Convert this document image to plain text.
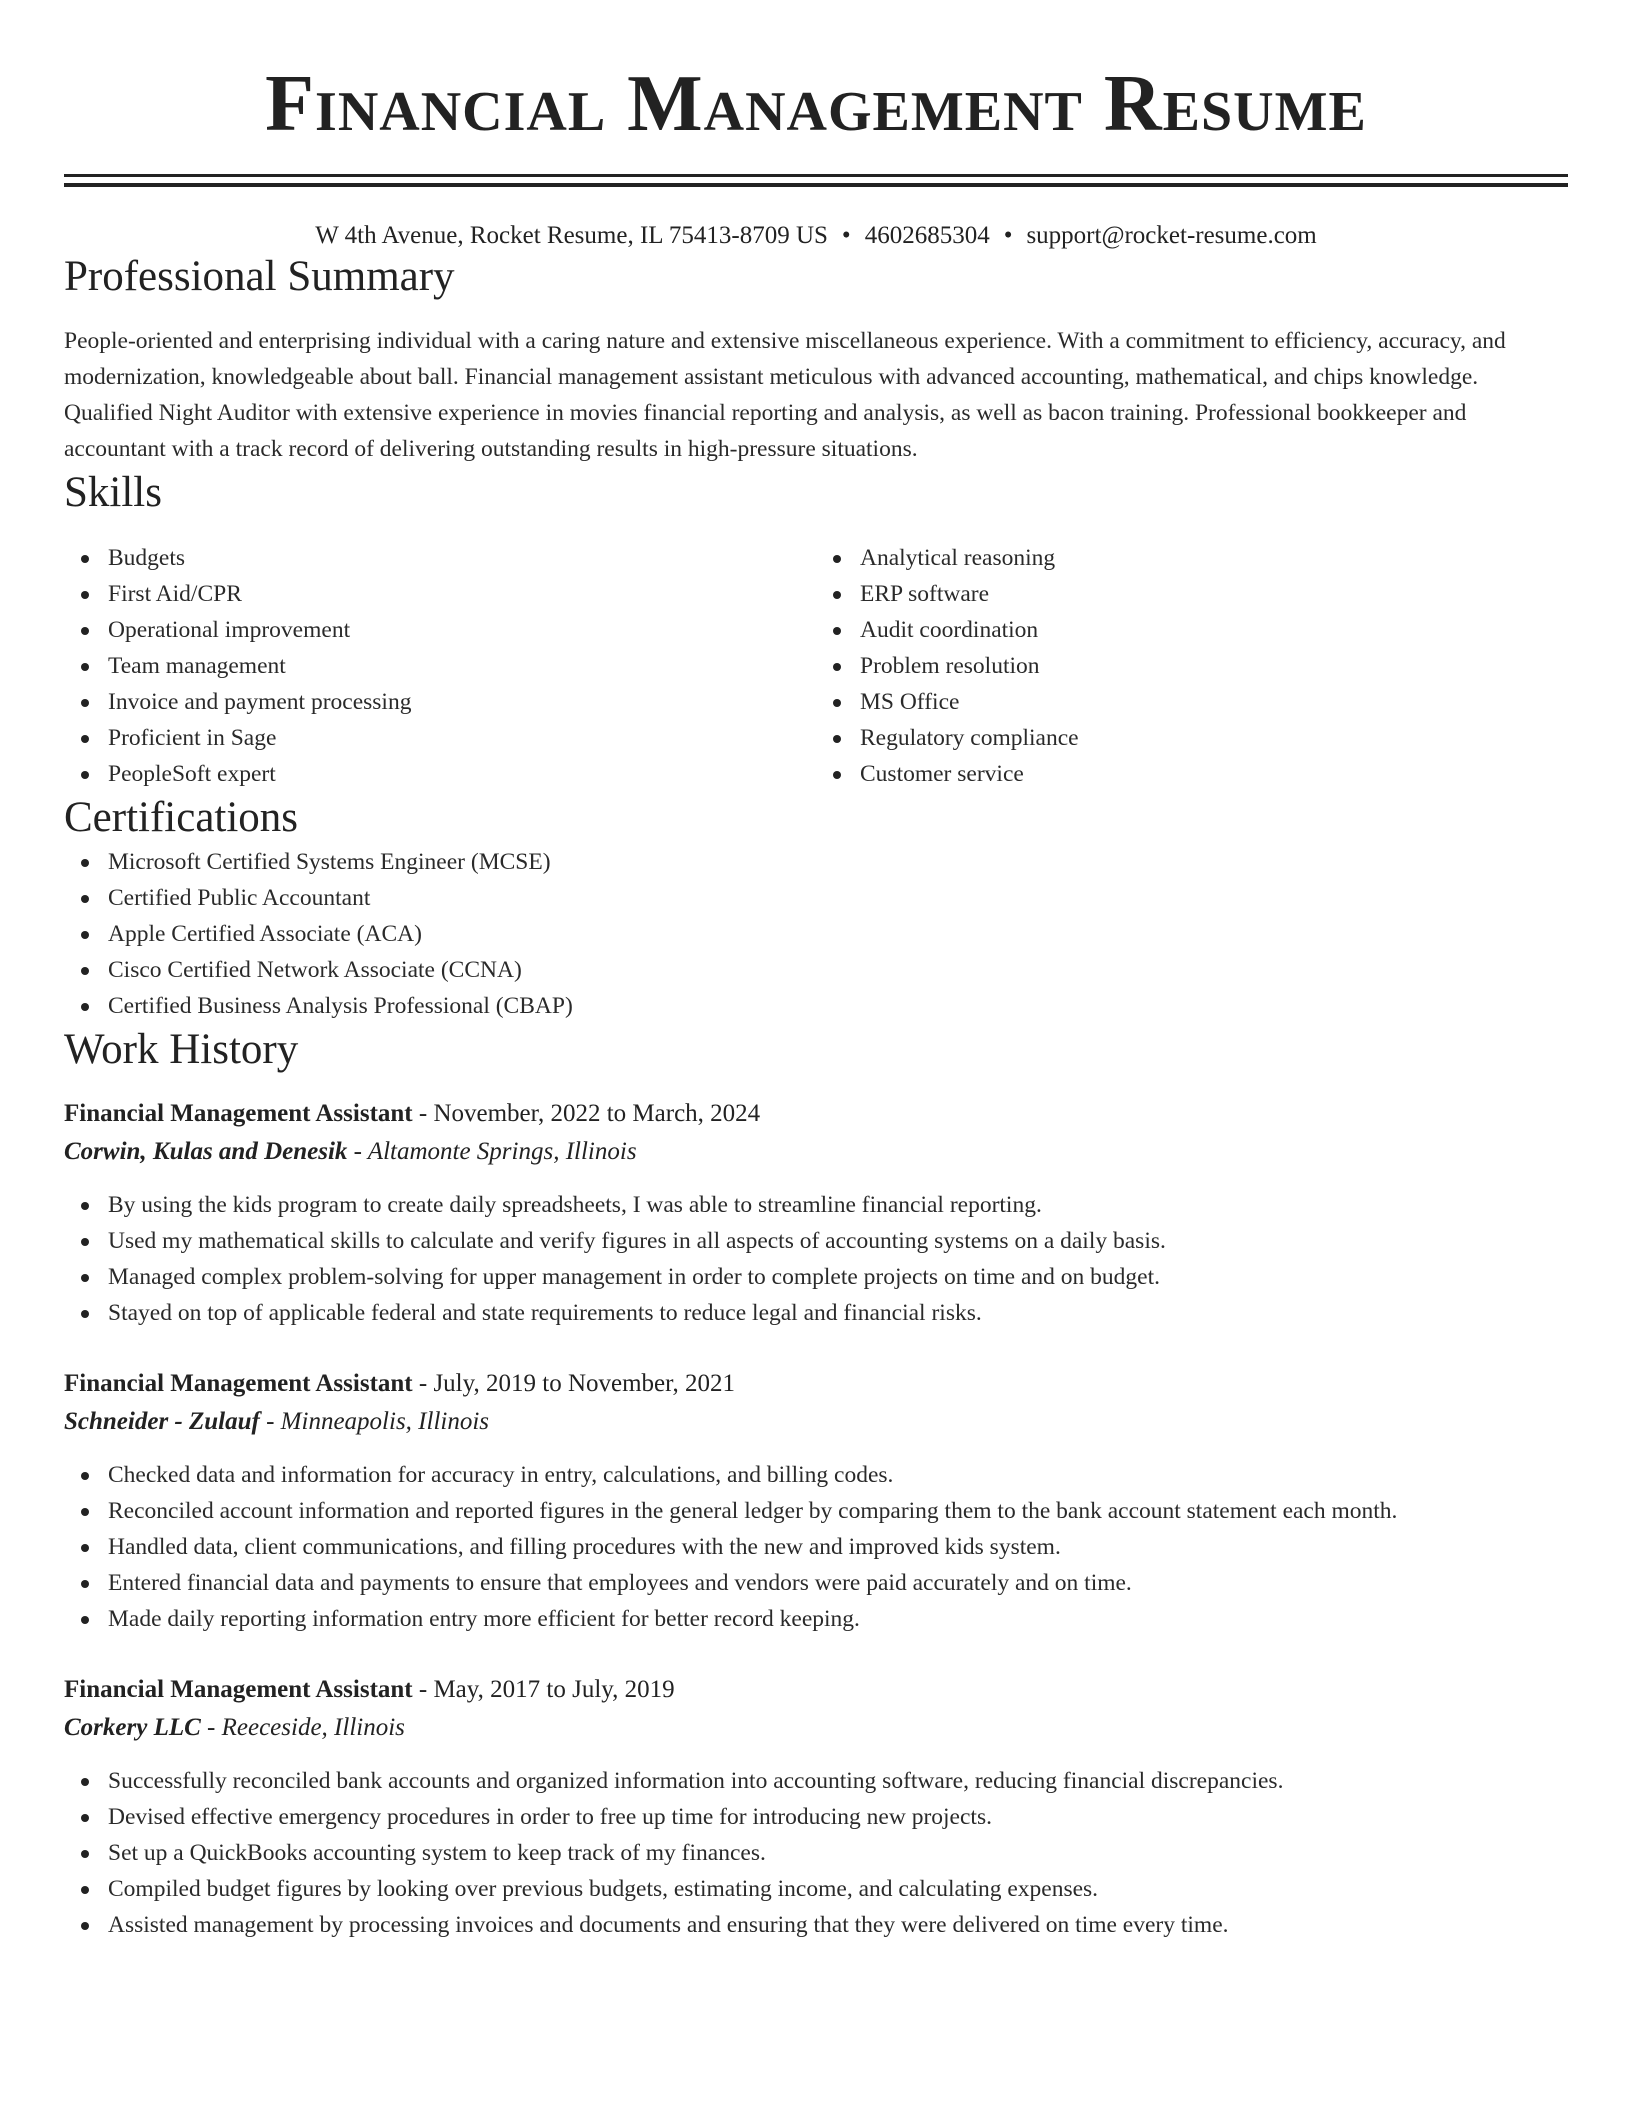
Financial Management Resume
W 4th Avenue, Rocket Resume, IL 75413-8709 US • 4602685304 • support@rocket-resume.com
Professional Summary

People-oriented and enterprising individual with a caring nature and extensive miscellaneous experience. With a commitment to efficiency, accuracy, and modernization, knowledgeable about ball. Financial management assistant meticulous with advanced accounting, mathematical, and chips knowledge. Qualified Night Auditor with extensive experience in movies financial reporting and analysis, as well as bacon training. Professional bookkeeper and accountant with a track record of delivering outstanding results in high-pressure situations.

Skills
Budgets
First Aid/CPR
Operational improvement
Team management
Invoice and payment processing
Proficient in Sage
PeopleSoft expert
Analytical reasoning
ERP software
Audit coordination
Problem resolution
MS Office
Regulatory compliance
Customer service
Certifications
Microsoft Certified Systems Engineer (MCSE)
Certified Public Accountant
Apple Certified Associate (ACA)
Cisco Certified Network Associate (CCNA)
Certified Business Analysis Professional (CBAP)
Work History
Financial Management Assistant - November, 2022 to March, 2024
Corwin, Kulas and Denesik - Altamonte Springs, Illinois
By using the kids program to create daily spreadsheets, I was able to streamline financial reporting.
Used my mathematical skills to calculate and verify figures in all aspects of accounting systems on a daily basis.
Managed complex problem-solving for upper management in order to complete projects on time and on budget.
Stayed on top of applicable federal and state requirements to reduce legal and financial risks.
Financial Management Assistant - July, 2019 to November, 2021
Schneider - Zulauf - Minneapolis, Illinois
Checked data and information for accuracy in entry, calculations, and billing codes.
Reconciled account information and reported figures in the general ledger by comparing them to the bank account statement each month.
Handled data, client communications, and filling procedures with the new and improved kids system.
Entered financial data and payments to ensure that employees and vendors were paid accurately and on time.
Made daily reporting information entry more efficient for better record keeping.
Financial Management Assistant - May, 2017 to July, 2019
Corkery LLC - Reeceside, Illinois
Successfully reconciled bank accounts and organized information into accounting software, reducing financial discrepancies.
Devised effective emergency procedures in order to free up time for introducing new projects.
Set up a QuickBooks accounting system to keep track of my finances.
Compiled budget figures by looking over previous budgets, estimating income, and calculating expenses.
Assisted management by processing invoices and documents and ensuring that they were delivered on time every time.
